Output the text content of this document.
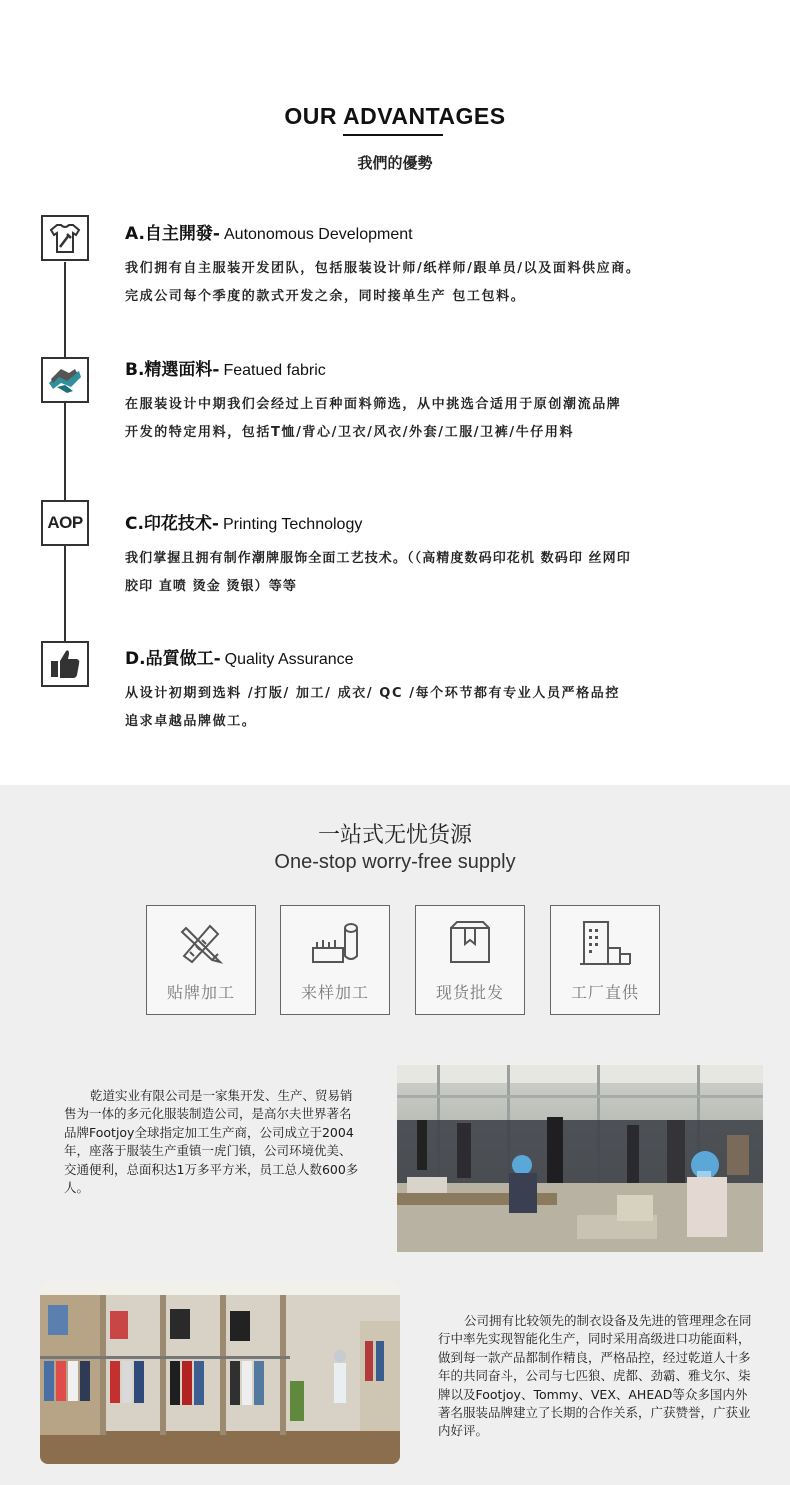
OUR ADVANTAGES
我們的優勢
AOP
A.自主開發- Autonomous Development
我们拥有自主服装开发团队，包括服装设计师/纸样师/跟单员/以及面料供应商。
完成公司每个季度的款式开发之余，同时接单生产 包工包料。
B.精選面料- Featued fabric
在服装设计中期我们会经过上百种面料筛选，从中挑选合适用于原创潮流品牌
开发的特定用料，包括T恤/背心/卫衣/风衣/外套/工服/卫裤/牛仔用料
C.印花技术- Printing Technology
我们掌握且拥有制作潮牌服饰全面工艺技术。（（高精度数码印花机 数码印 丝网印
胶印 直喷 烫金 烫银）等等
D.品質做工- Quality Assurance
从设计初期到选料 /打版/ 加工/ 成衣/ QC /每个环节都有专业人员严格品控
追求卓越品牌做工。
一站式无忧货源
One-stop worry-free supply
贴牌加工	来样加工	现货批发	工厂直供
乾道实业有限公司是一家集开发、生产、贸易销售为一体的多元化服装制造公司，是高尔夫世界著名品牌Footjoy全球指定加工生产商，公司成立于2004年，座落于服装生产重镇一虎门镇，公司环境优美、交通便利，总面积达1万多平方米，员工总人数600多人。
公司拥有比较领先的制衣设备及先进的管理理念在同行中率先实现智能化生产，同时采用高级进口功能面料，做到每一款产品都制作精良，严格品控，经过乾道人十多年的共同奋斗，公司与七匹狼、虎都、劲霸、雅戈尔、柒牌以及Footjoy、Tommy、VEX、AHEAD等众多国内外著名服装品牌建立了长期的合作关系，广获赞誉，广获业内好评。
